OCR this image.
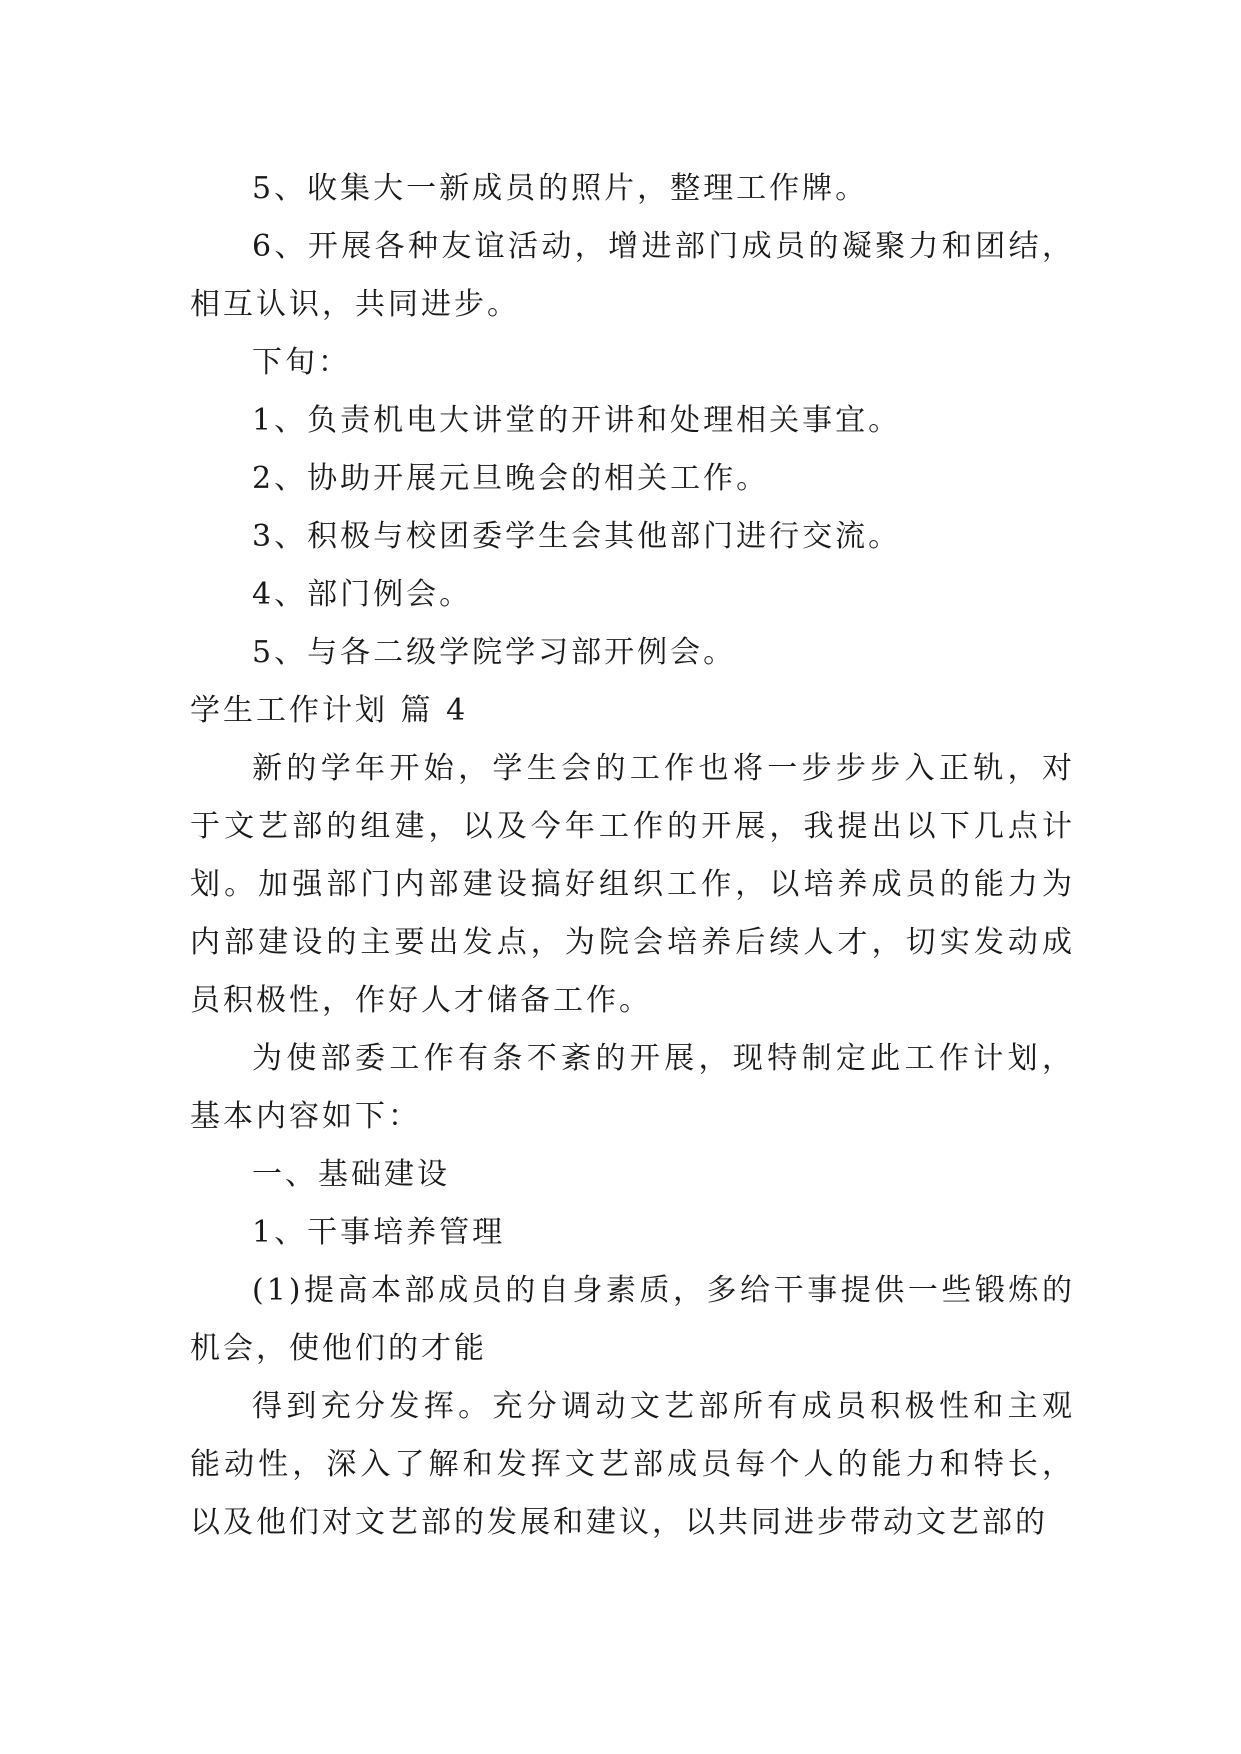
5、收集大一新成员的照片，整理工作牌。

6、开展各种友谊活动，增进部门成员的凝聚力和团结，相互认识，共同进步。

下旬：

1、负责机电大讲堂的开讲和处理相关事宜。

2、协助开展元旦晚会的相关工作。

3、积极与校团委学生会其他部门进行交流。

4、部门例会。

5、与各二级学院学习部开例会。

学生工作计划 篇 4

新的学年开始，学生会的工作也将一步步步入正轨，对于文艺部的组建，以及今年工作的开展，我提出以下几点计划。加强部门内部建设搞好组织工作，以培养成员的能力为内部建设的主要出发点，为院会培养后续人才，切实发动成员积极性，作好人才储备工作。

为使部委工作有条不紊的开展，现特制定此工作计划，基本内容如下：

一、基础建设

1、干事培养管理

(1)提高本部成员的自身素质，多给干事提供一些锻炼的机会，使他们的才能

得到充分发挥。充分调动文艺部所有成员积极性和主观能动性，深入了解和发挥文艺部成员每个人的能力和特长，以及他们对文艺部的发展和建议，以共同进步带动文艺部的
